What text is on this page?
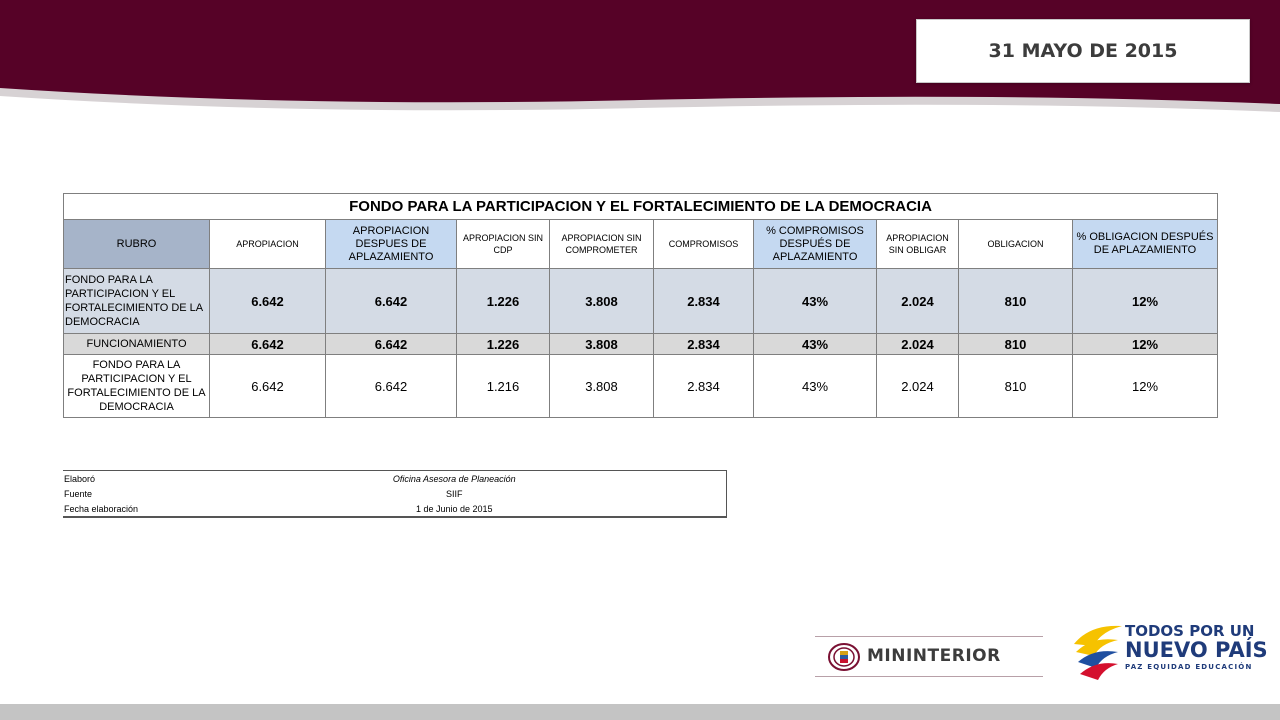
31 MAYO DE 2015
FONDO PARA LA PARTICIPACION Y EL FORTALECIMIENTO DE LA DEMOCRACIA									
RUBRO	APROPIACION	APROPIACION DESPUES DE APLAZAMIENTO	APROPIACION SIN CDP	APROPIACION SIN COMPROMETER	COMPROMISOS	% COMPROMISOS DESPUÉS DE APLAZAMIENTO	APROPIACION SIN OBLIGAR	OBLIGACION	% OBLIGACION DESPUÉS DE APLAZAMIENTO
FONDO PARA LA PARTICIPACION Y EL FORTALECIMIENTO DE LA DEMOCRACIA	6.642	6.642	1.226	3.808	2.834	43%	2.024	810	12%
FUNCIONAMIENTO	6.642	6.642	1.226	3.808	2.834	43%	2.024	810	12%
FONDO PARA LA PARTICIPACION Y EL FORTALECIMIENTO DE LA DEMOCRACIA	6.642	6.642	1.216	3.808	2.834	43%	2.024	810	12%
Elaboró	Oficina Asesora de Planeación
Fuente	SIIF
Fecha elaboración	1 de Junio de 2015
MININTERIOR
TODOS POR UN
NUEVO PAÍS
PAZ EQUIDAD EDUCACIÓN
